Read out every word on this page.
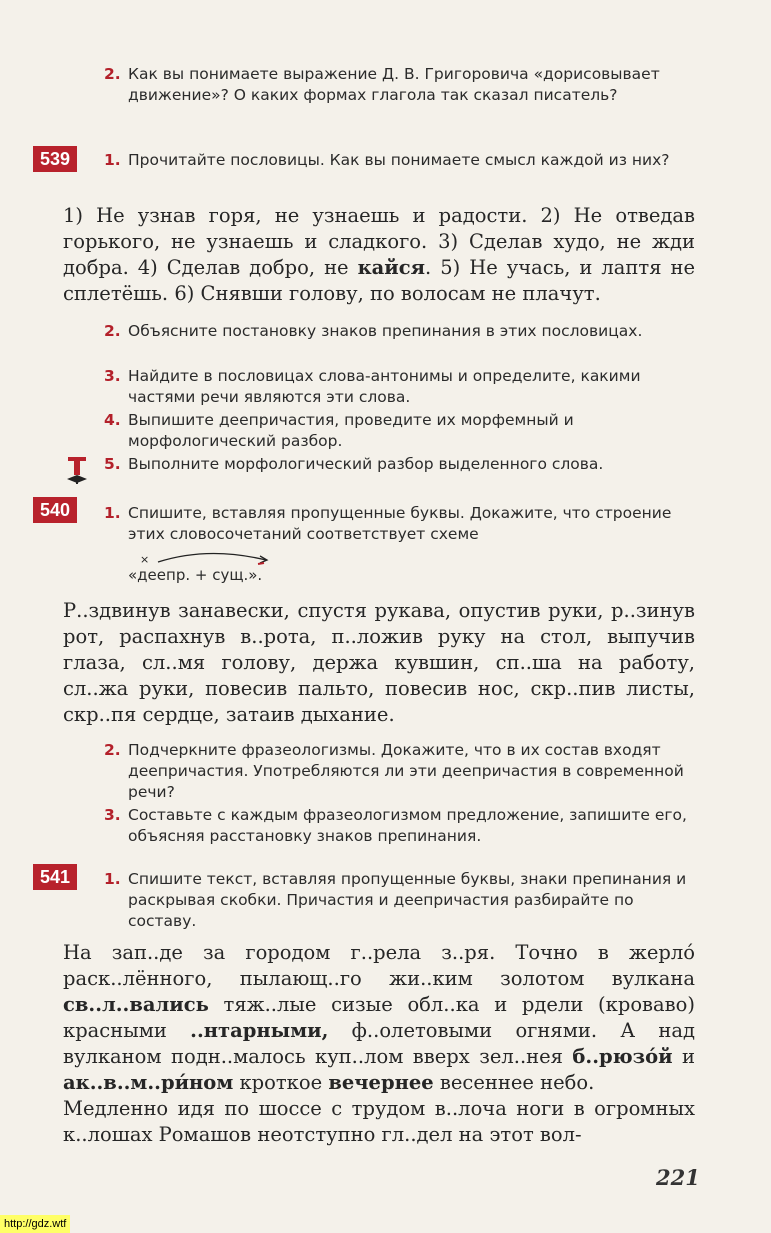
2. Как вы понимаете выражение Д. В. Григоровича «дорисовывает движение»? О каких формах глагола так сказал писатель?
539	1. Прочитайте пословицы. Как вы понимаете смысл каждой из них?
1) Не узнав горя, не узнаешь и радости. 2) Не отведав горького, не узнаешь и сладкого. 3) Сделав худо, не жди добра. 4) Сделав добро, не кайся. 5) Не учась, и лаптя не сплетёшь. 6) Снявши голову, по волосам не плачут.
2. Объясните постановку знаков препинания в этих пословицах.
3. Найдите в пословицах слова-антонимы и определите, какими частями речи являются эти слова.
4. Выпишите деепричастия, проведите их морфемный и морфологический разбор.
5. Выполните морфологический разбор выделенного слова.
540	1. Спишите, вставляя пропущенные буквы. Докажите, что строение этих словосочетаний соответствует схеме
×
«деепр. + сущ.».
Р..здвинув занавески, спустя рукава, опустив руки, р..зинув рот, распахнув в..рота, п..ложив руку на стол, выпучив глаза, сл..мя голову, держа кувшин, сп..ша на работу, сл..жа руки, повесив пальто, повесив нос, скр..пив листы, скр..пя сердце, затаив дыхание.
2. Подчеркните фразеологизмы. Докажите, что в их состав входят деепричастия. Употребляются ли эти деепричастия в современной речи?
3. Составьте с каждым фразеологизмом предложение, запишите его, объясняя расстановку знаков препинания.
541	1. Спишите текст, вставляя пропущенные буквы, знаки препинания и раскрывая скобки. Причастия и деепричастия разбирайте по составу.
На зап..де за городом г..рела з..ря. Точно в жерло́ раск..лённого, пылающ..го жи..ким золотом вулкана св..л..вались тяж..лые сизые обл..ка и рдели (кроваво) красными ..нтарными, ф..олетовыми огнями. А над вулканом подн..малось куп..лом вверх зел..нея б..рюзо́й и ак..в..м..ри́ном кроткое вечернее весеннее небо.
Медленно идя по шоссе с трудом в..лоча ноги в огромных к..лошах Ромашов неотступно гл..дел на этот вол-
221
http://gdz.wtf
